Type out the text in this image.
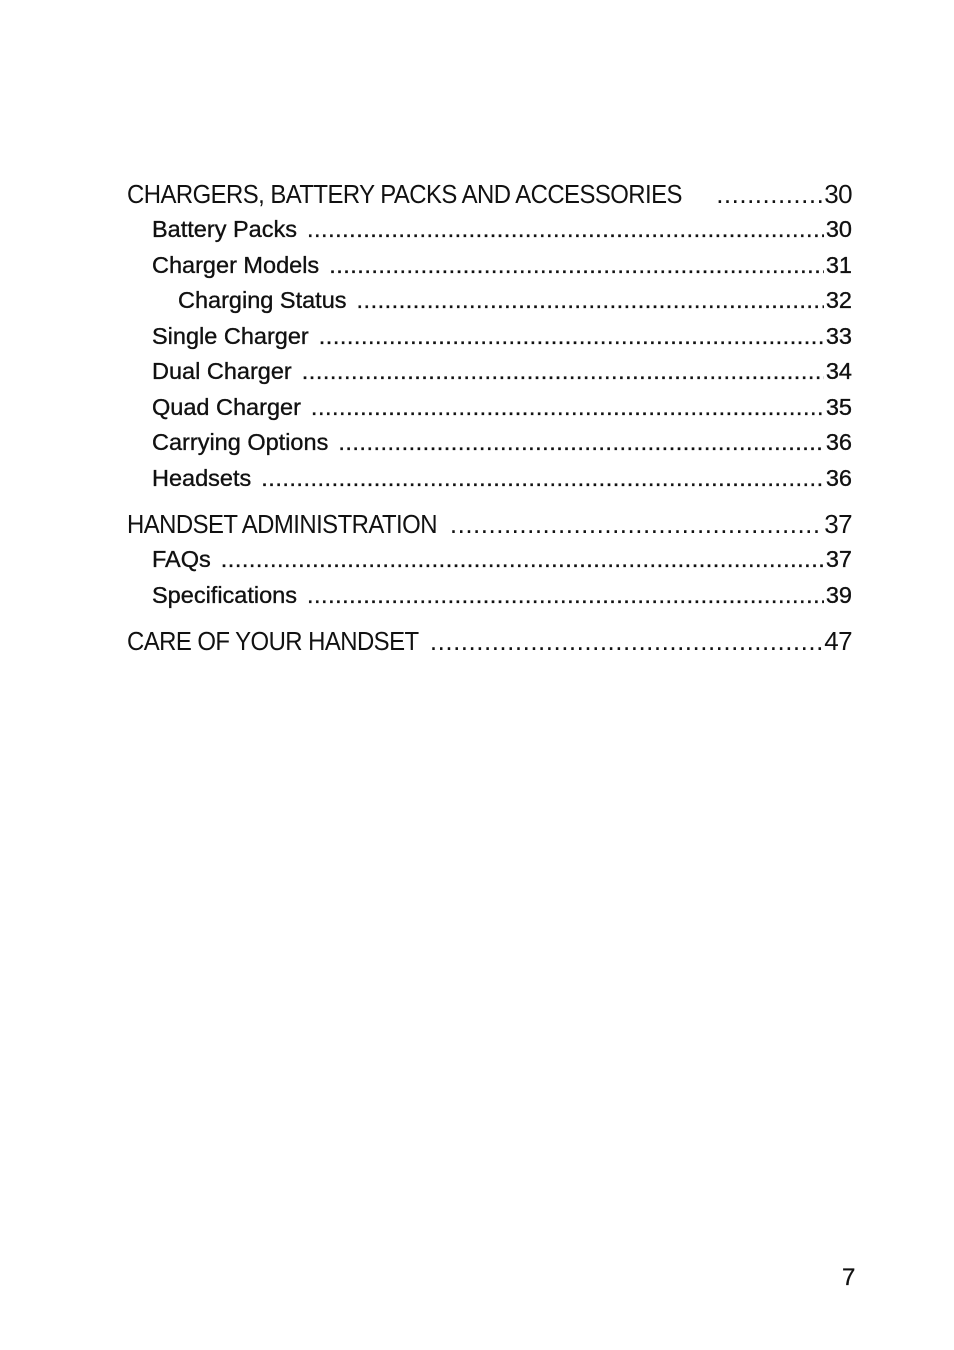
CHARGERS, BATTERY PACKS AND ACCESSORIES .....	30
Battery Packs .....	30
Charger Models .....	31
Charging Status .....	32
Single Charger .....	33
Dual Charger .....	34
Quad Charger .....	35
Carrying Options .....	36
Headsets .....	36
HANDSET ADMINISTRATION .....	37
FAQs .....	37
Specifications .....	39
CARE OF YOUR HANDSET .....	47
7
